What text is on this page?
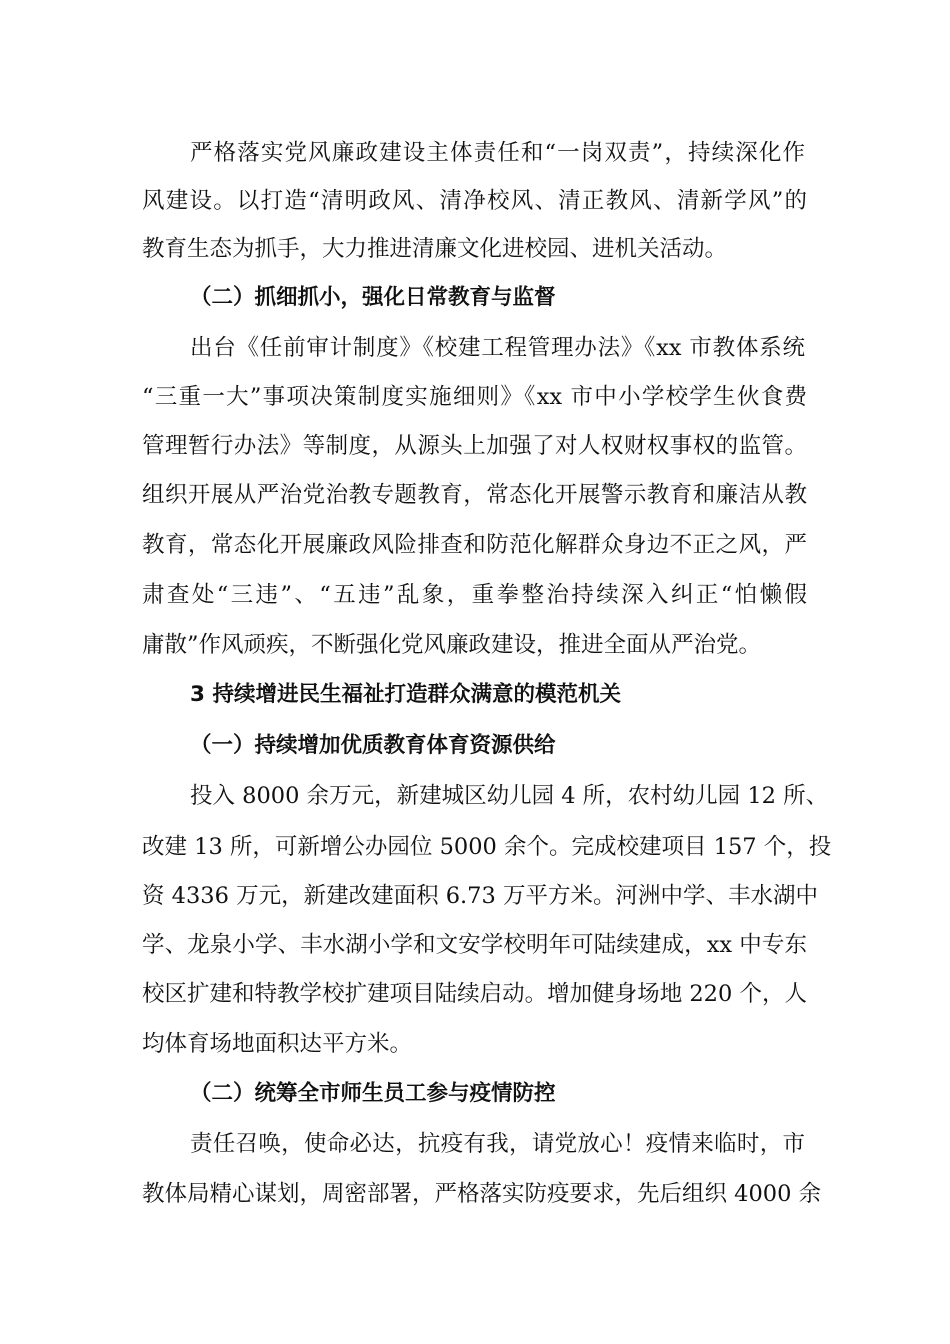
严格落实党风廉政建设主体责任和“一岗双责”，持续深化作
风建设。以打造“清明政风、清净校风、清正教风、清新学风”的
教育生态为抓手，大力推进清廉文化进校园、进机关活动。
（二）抓细抓小，强化日常教育与监督
出台《任前审计制度》《校建工程管理办法》《xx 市教体系统
“三重一大”事项决策制度实施细则》《xx 市中小学校学生伙食费
管理暂行办法》等制度，从源头上加强了对人权财权事权的监管。
组织开展从严治党治教专题教育，常态化开展警示教育和廉洁从教
教育，常态化开展廉政风险排查和防范化解群众身边不正之风，严
肃查处“三违”、“五违”乱象，重拳整治持续深入纠正“怕懒假
庸散”作风顽疾，不断强化党风廉政建设，推进全面从严治党。
3 持续增进民生福祉打造群众满意的模范机关
（一）持续增加优质教育体育资源供给
投入 8000 余万元，新建城区幼儿园 4 所，农村幼儿园 12 所、
改建 13 所，可新增公办园位 5000 余个。完成校建项目 157 个，投
资 4336 万元，新建改建面积 6.73 万平方米。河洲中学、丰水湖中
学、龙泉小学、丰水湖小学和文安学校明年可陆续建成，xx 中专东
校区扩建和特教学校扩建项目陆续启动。增加健身场地 220 个，人
均体育场地面积达平方米。
（二）统筹全市师生员工参与疫情防控
责任召唤，使命必达，抗疫有我，请党放心！疫情来临时，市
教体局精心谋划，周密部署，严格落实防疫要求，先后组织 4000 余
